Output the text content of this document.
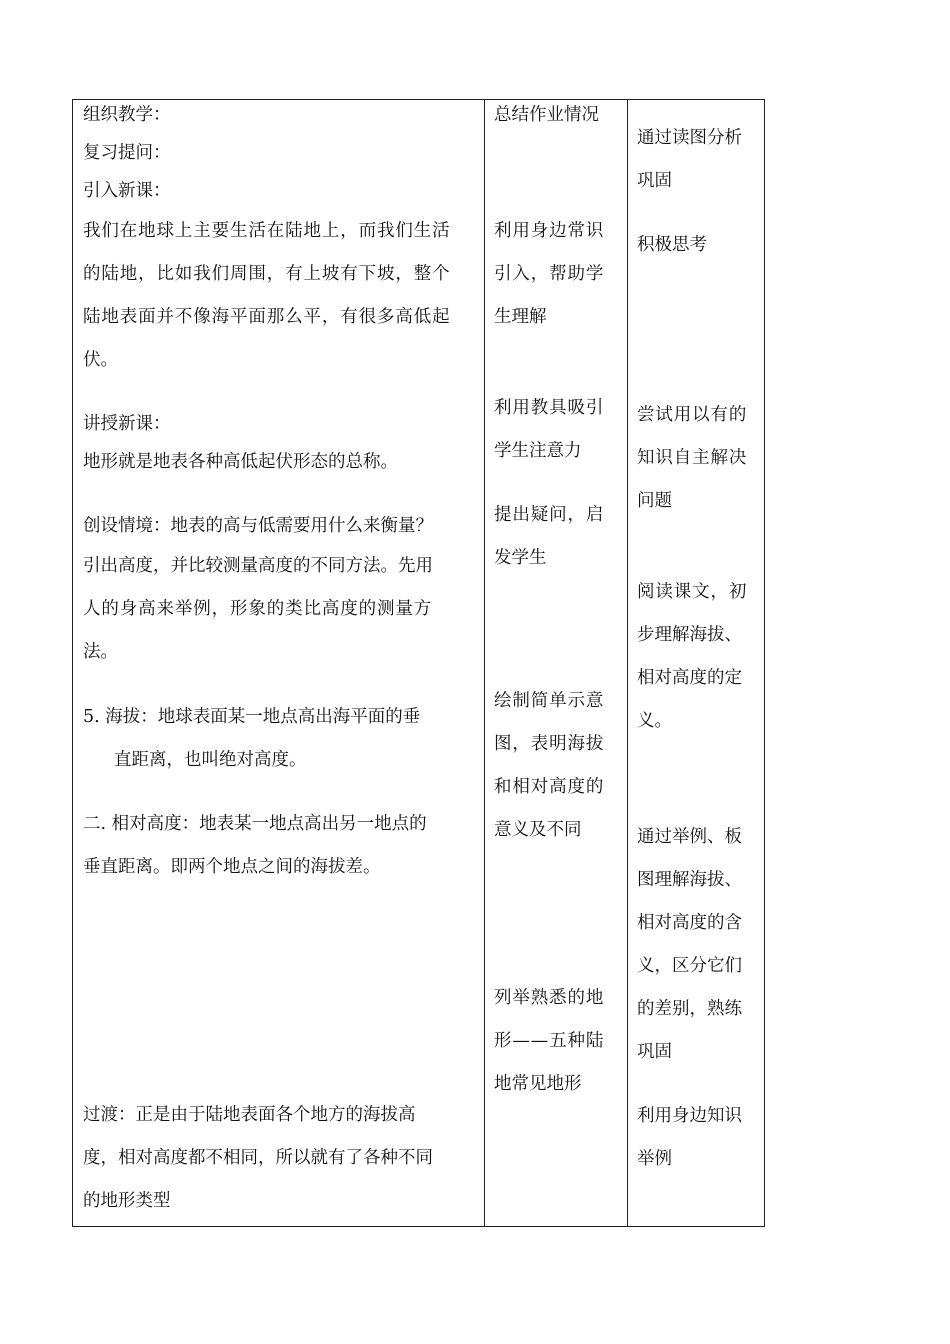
组织教学：
复习提问：
引入新课：
我们在地球上主要生活在陆地上，而我们生活
的陆地，比如我们周围，有上坡有下坡，整个
陆地表面并不像海平面那么平，有很多高低起
伏。
讲授新课：
地形就是地表各种高低起伏形态的总称。
创设情境：地表的高与低需要用什么来衡量？
引出高度，并比较测量高度的不同方法。先用
人的身高来举例，形象的类比高度的测量方
法。
5. 海拔：地球表面某一地点高出海平面的垂
直距离，也叫绝对高度。
二. 相对高度：地表某一地点高出另一地点的
垂直距离。即两个地点之间的海拔差。
过渡：正是由于陆地表面各个地方的海拔高
度，相对高度都不相同，所以就有了各种不同
的地形类型
总结作业情况
利用身边常识
引入，帮助学
生理解
利用教具吸引
学生注意力
提出疑问，启
发学生
绘制简单示意
图，表明海拔
和相对高度的
意义及不同
列举熟悉的地
形——五种陆
地常见地形
通过读图分析
巩固
积极思考
尝试用以有的
知识自主解决
问题
阅读课文，初
步理解海拔、
相对高度的定
义。
通过举例、板
图理解海拔、
相对高度的含
义，区分它们
的差别，熟练
巩固
利用身边知识
举例
